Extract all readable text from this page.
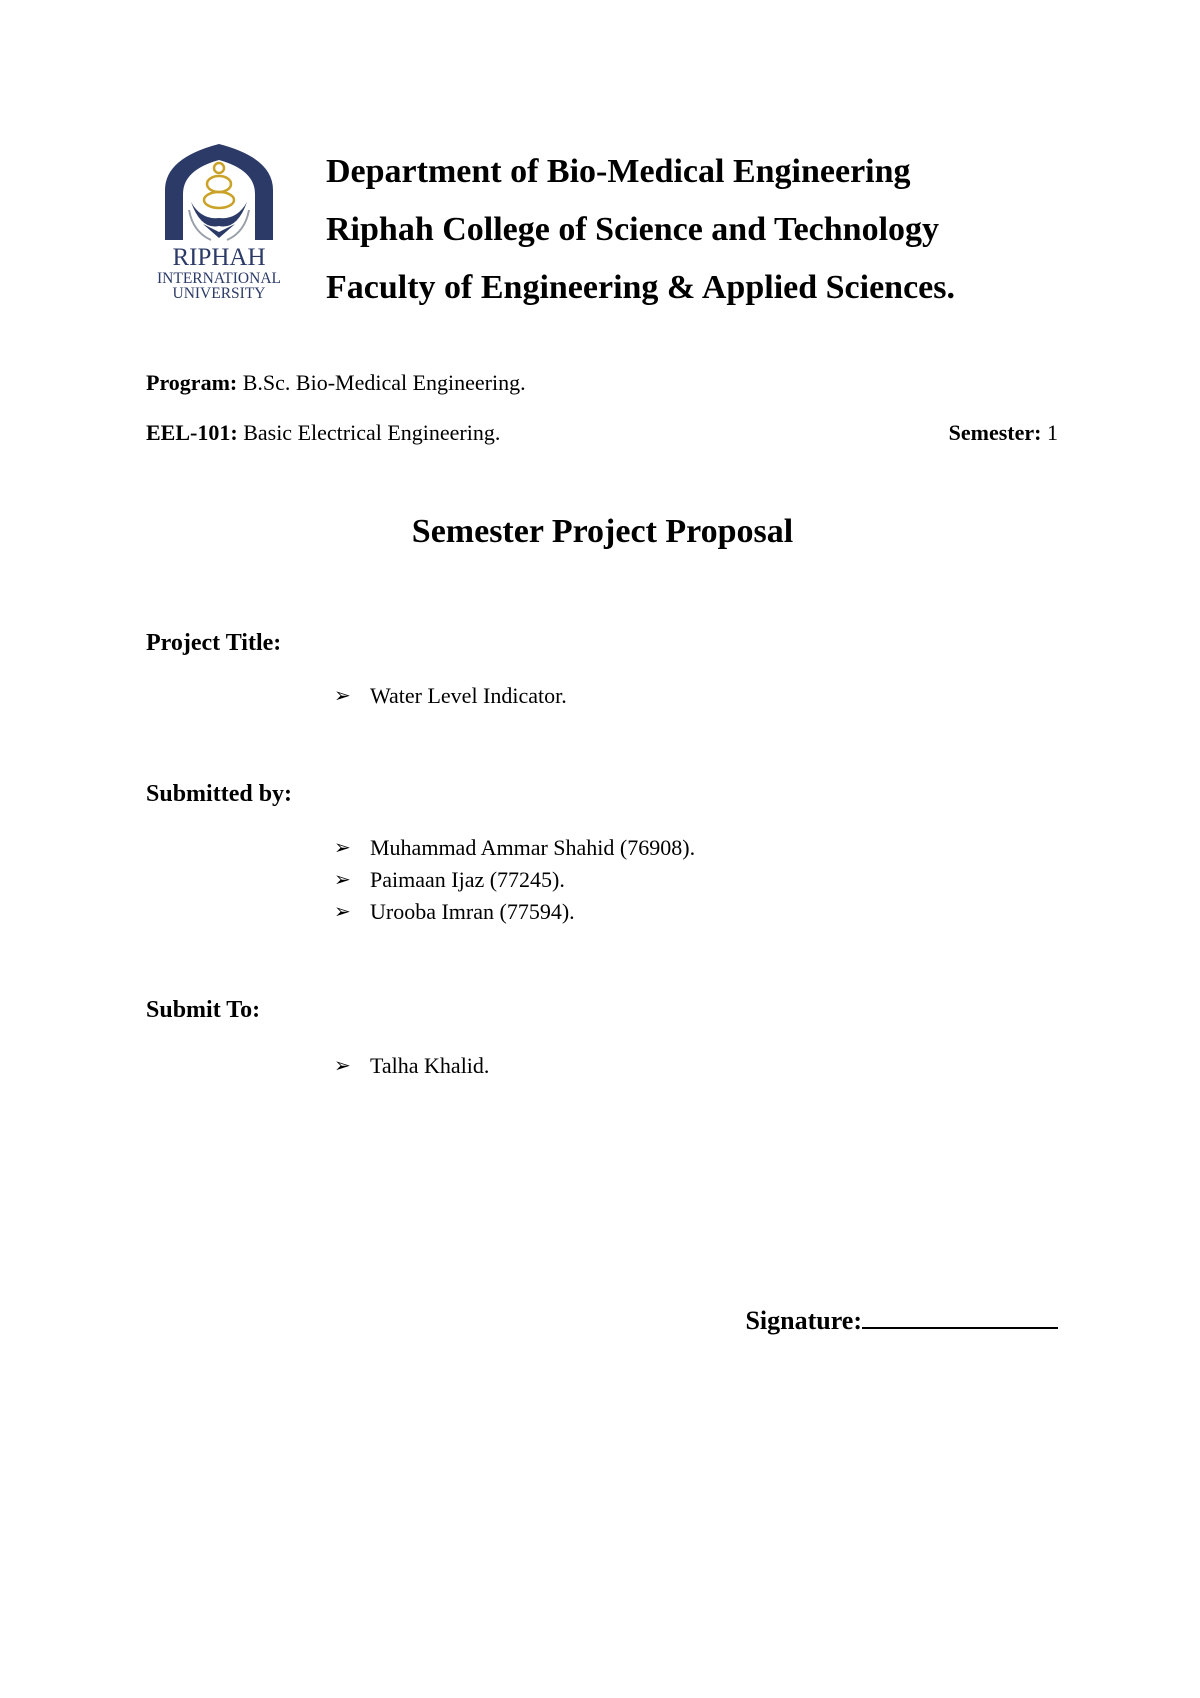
RIPHAH
INTERNATIONAL
UNIVERSITY
Department of Bio-Medical Engineering
Riphah College of Science and Technology
Faculty of Engineering & Applied Sciences.
Program: B.Sc. Bio-Medical Engineering.
EEL-101: Basic Electrical Engineering.	Semester: 1
Semester Project Proposal
Project Title:
➢ Water Level Indicator.
Submitted by:
➢ Muhammad Ammar Shahid (76908).
➢ Paimaan Ijaz (77245).
➢ Urooba Imran (77594).
Submit To:
➢ Talha Khalid.
Signature:
